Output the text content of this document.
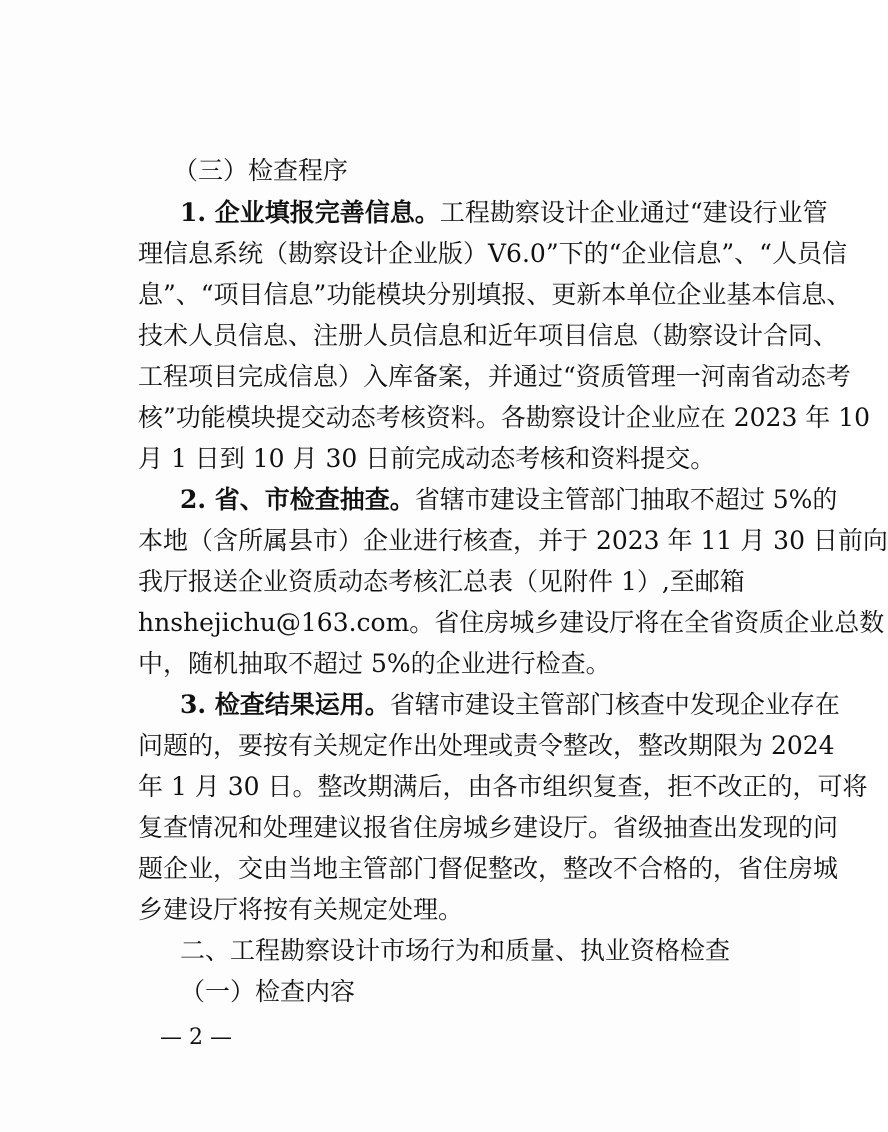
（三）检查程序
1. 企业填报完善信息。工程勘察设计企业通过“建设行业管
理信息系统（勘察设计企业版）V6.0”下的“企业信息”、“人员信
息”、“项目信息”功能模块分别填报、更新本单位企业基本信息、
技术人员信息、注册人员信息和近年项目信息（勘察设计合同、
工程项目完成信息）入库备案，并通过“资质管理一河南省动态考
核”功能模块提交动态考核资料。各勘察设计企业应在 2023 年 10
月 1 日到 10 月 30 日前完成动态考核和资料提交。
2. 省、市检查抽查。省辖市建设主管部门抽取不超过 5%的
本地（含所属县市）企业进行核查，并于 2023 年 11 月 30 日前向
我厅报送企业资质动态考核汇总表（见附件 1）,至邮箱
hnshejichu@163.com。省住房城乡建设厅将在全省资质企业总数
中，随机抽取不超过 5%的企业进行检查。
3. 检查结果运用。省辖市建设主管部门核查中发现企业存在
问题的，要按有关规定作出处理或责令整改，整改期限为 2024
年 1 月 30 日。整改期满后，由各市组织复查，拒不改正的，可将
复查情况和处理建议报省住房城乡建设厅。省级抽查出发现的问
题企业，交由当地主管部门督促整改，整改不合格的，省住房城
乡建设厅将按有关规定处理。
二、工程勘察设计市场行为和质量、执业资格检查
（一）检查内容
— 2 —
